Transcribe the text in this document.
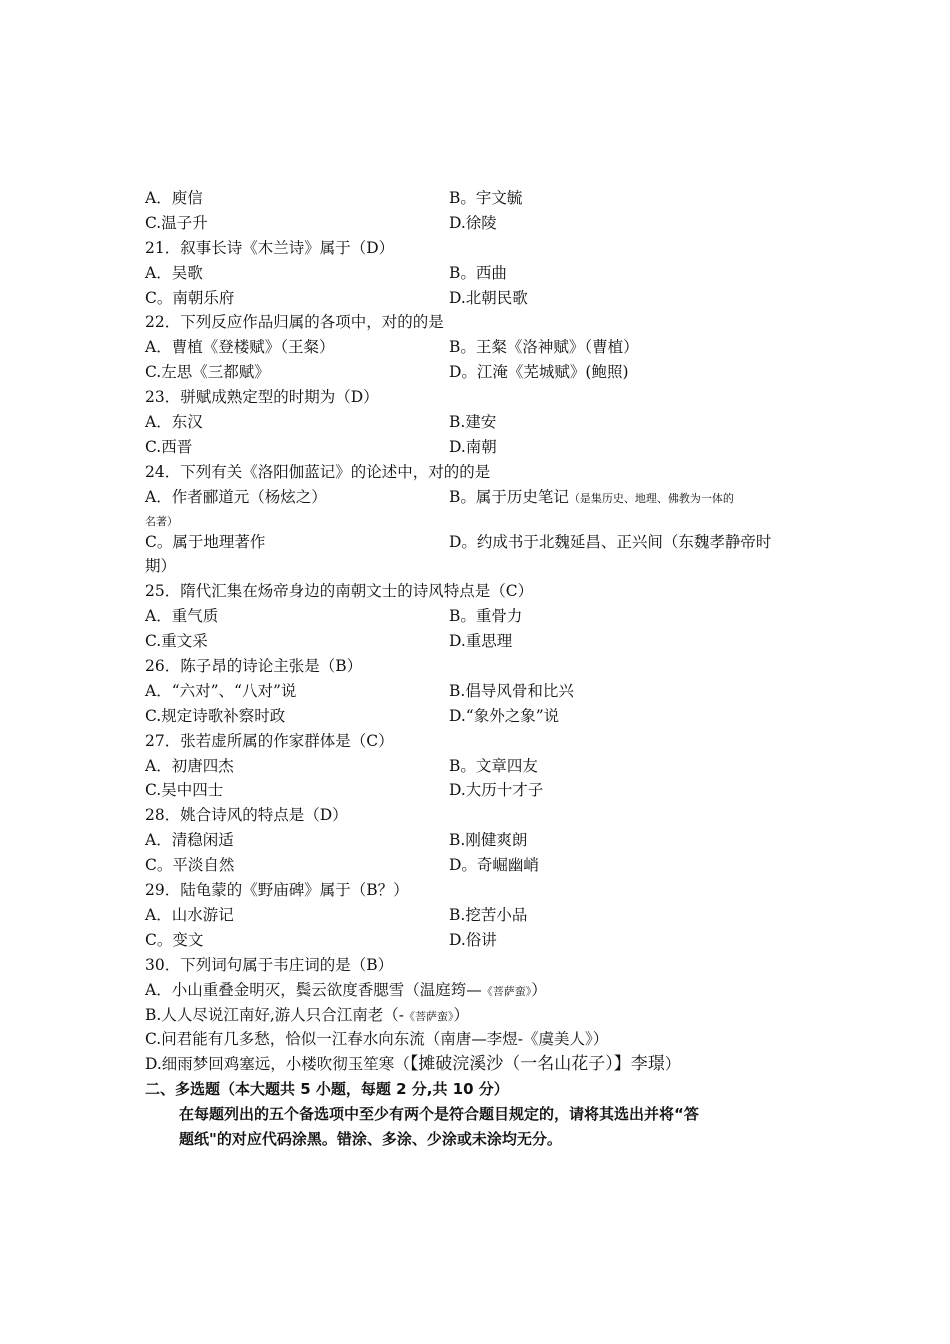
A．庾信	B。宇文毓
C.温子升	D.徐陵
21．叙事长诗《木兰诗》属于（D）
A．吴歌	B。西曲
C。南朝乐府	D.北朝民歌
22．下列反应作品归属的各项中，对的的是
A．曹植《登楼赋》（王粲）	B。王粲《洛神赋》（曹植）
C.左思《三都赋》	D。江淹《芜城赋》(鲍照)
23．骈赋成熟定型的时期为（D）
A．东汉	B.建安
C.西晋	D.南朝
24．下列有关《洛阳伽蓝记》的论述中，对的的是
A．作者郦道元（杨炫之）	B。属于历史笔记（是集历史、地理、佛教为一体的
名著）
C。属于地理著作	D。约成书于北魏延昌、正兴间（东魏孝静帝时
期）
25．隋代汇集在炀帝身边的南朝文士的诗风特点是（C）
A．重气质	B。重骨力
C.重文采	D.重思理
26．陈子昂的诗论主张是（B）
A．“六对”、“八对”说	B.倡导风骨和比兴
C.规定诗歌补察时政	D.“象外之象”说
27．张若虚所属的作家群体是（C）
A．初唐四杰	B。文章四友
C.吴中四士	D.大历十才子
28．姚合诗风的特点是（D）
A．清稳闲适	B.刚健爽朗
C。平淡自然	D。奇崛幽峭
29．陆龟蒙的《野庙碑》属于（B？）
A．山水游记	B.挖苦小品
C。变文	D.俗讲
30．下列词句属于韦庄词的是（B）
A．小山重叠金明灭，鬓云欲度香腮雪（温庭筠—《菩萨蛮》）
B.人人尽说江南好,游人只合江南老（-《菩萨蛮》）
C.问君能有几多愁，恰似一江春水向东流（南唐—李煜-《虞美人》）
D.细雨梦回鸡塞远，小楼吹彻玉笙寒（【摊破浣溪沙（一名山花子）】李璟）
二、多选题（本大题共 5 小题，每题 2 分,共 10 分）
在每题列出的五个备选项中至少有两个是符合题目规定的，请将其选出并将“答
题纸"的对应代码涂黑。错涂、多涂、少涂或未涂均无分。
